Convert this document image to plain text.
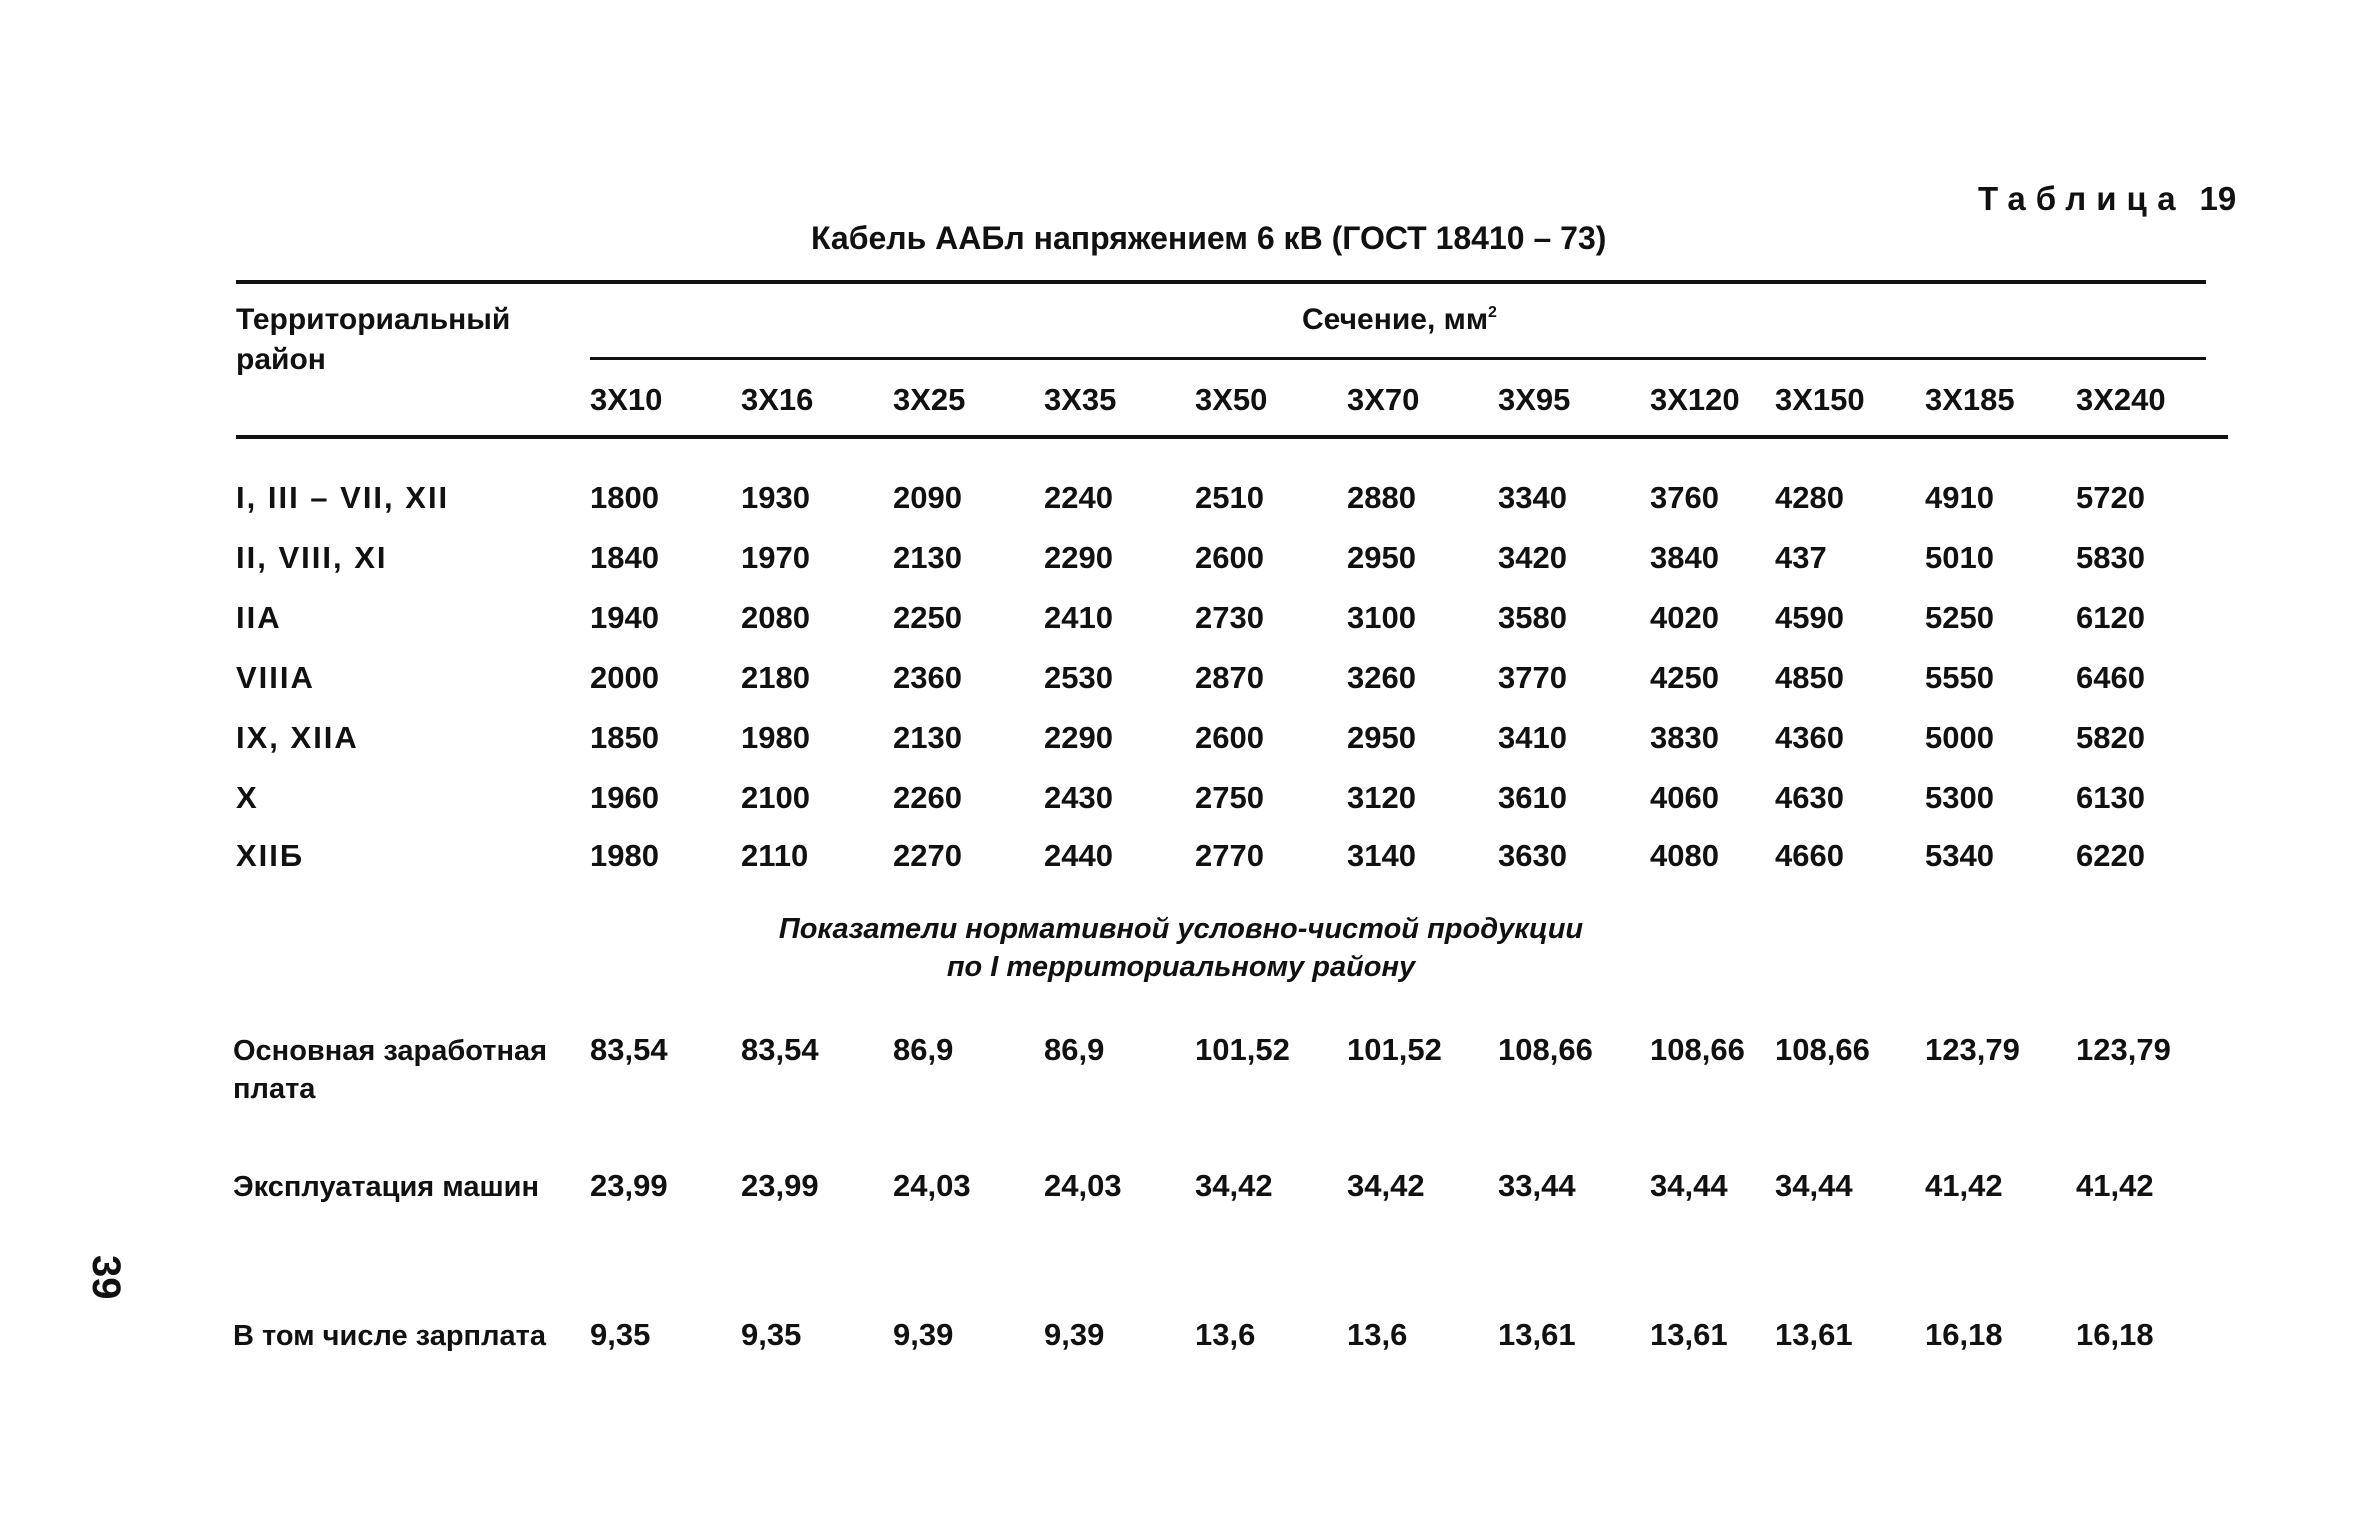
Таблица 19
Кабель ААБл напряжением 6 кВ (ГОСТ 18410 – 73)
Территориальный район
Сечение, $мм^2$
3Х10	3Х16	3Х25	3Х35	3Х50	3Х70	3Х95	3Х120 3Х150 3Х185 3Х240
I, III – VII, XII	1800	1930	2090	2240	2510	2880	3340	3760 4280	4910	5720
II, VIII, XI	1840	1970	2130	2290	2600	2950	3420	3840 437	5010	5830
IIA	1940	2080	2250	2410	2730	3100	3580	4020 4590	5250	6120
VIIIA	2000	2180	2360	2530	2870	3260	3770	4250 4850	5550	6460
IX, XIIA	1850	1980	2130	2290	2600	2950	3410	3830 4360	5000	5820
X	1960	2100	2260	2430	2750	3120	3610	4060 4630	5300	6130
XIIБ	1980	2110	2270	2440	2770	3140	3630	4080 4660	5340	6220
Показатели нормативной условно-чистой продукции
по I территориальному району
Основная заработная плата
83,54 83,54 86,9	86,9	101,52 101,52 108,66 108,66 108,66 123,79 123,79
Эксплуатация машин	23,99 23,99 24,03 24,03 34,42 34,42 33,44 34,44 34,44 41,42 41,42
В том числе зарплата	9,35	9,35	9,39	9,39	13,6	13,6	13,61 13,61 13,61 16,18 16,18
39
